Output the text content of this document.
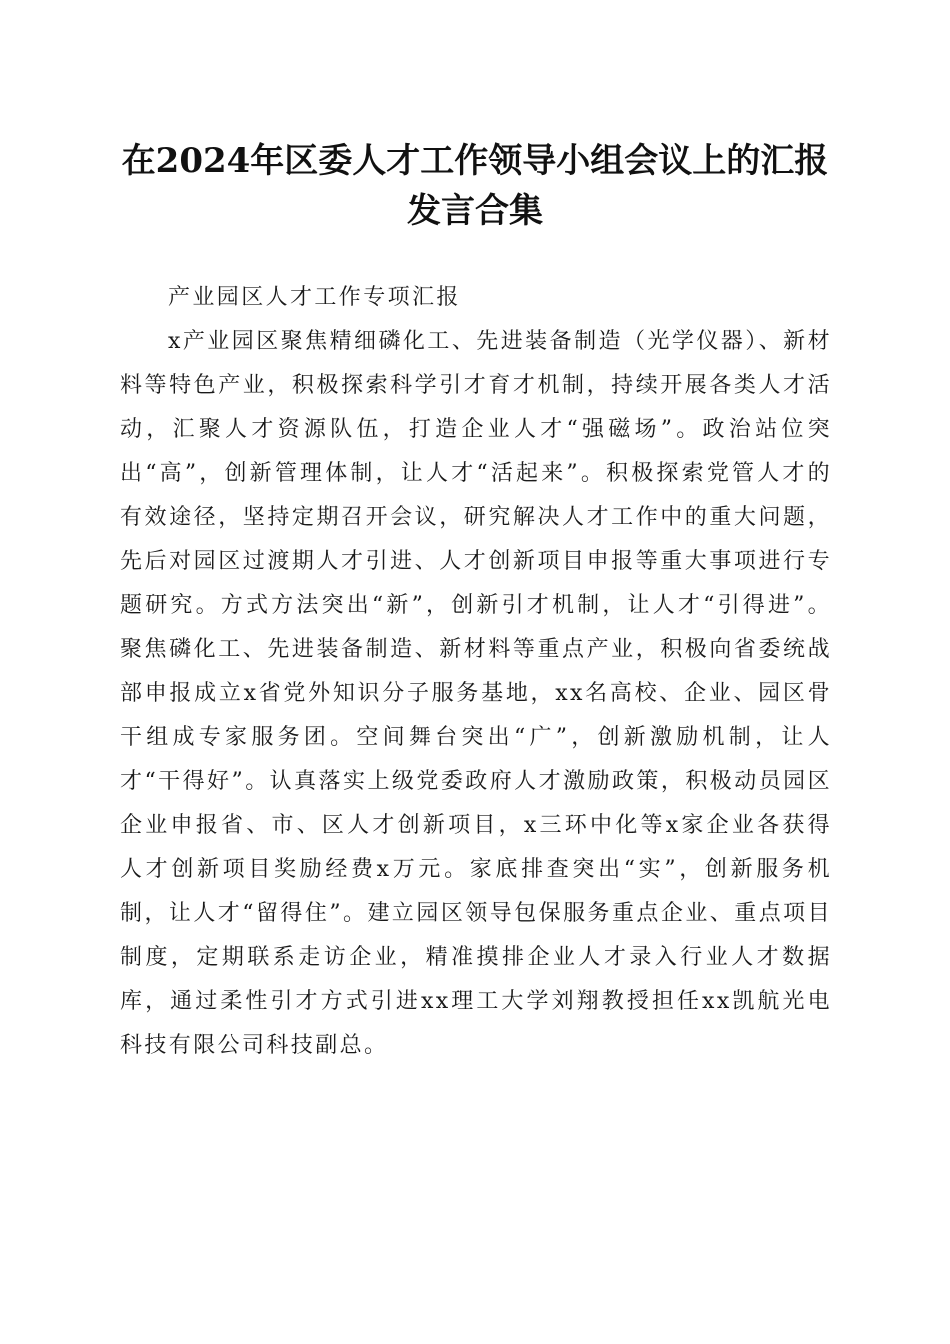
在2024年区委人才工作领导小组会议上的汇报发言合集

产业园区人才工作专项汇报

x产业园区聚焦精细磷化工、先进装备制造（光学仪器）、新材料等特色产业，积极探索科学引才育才机制，持续开展各类人才活动，汇聚人才资源队伍，打造企业人才“强磁场”。政治站位突出“高”，创新管理体制，让人才“活起来”。积极探索党管人才的有效途径，坚持定期召开会议，研究解决人才工作中的重大问题，先后对园区过渡期人才引进、人才创新项目申报等重大事项进行专题研究。方式方法突出“新”，创新引才机制，让人才“引得进”。聚焦磷化工、先进装备制造、新材料等重点产业，积极向省委统战部申报成立x省党外知识分子服务基地，xx名高校、企业、园区骨干组成专家服务团。空间舞台突出“广”，创新激励机制，让人才“干得好”。认真落实上级党委政府人才激励政策，积极动员园区企业申报省、市、区人才创新项目，x三环中化等x家企业各获得人才创新项目奖励经费x万元。家底排查突出“实”，创新服务机制，让人才“留得住”。建立园区领导包保服务重点企业、重点项目制度，定期联系走访企业，精准摸排企业人才录入行业人才数据库，通过柔性引才方式引进xx理工大学刘翔教授担任xx凯航光电科技有限公司科技副总。
